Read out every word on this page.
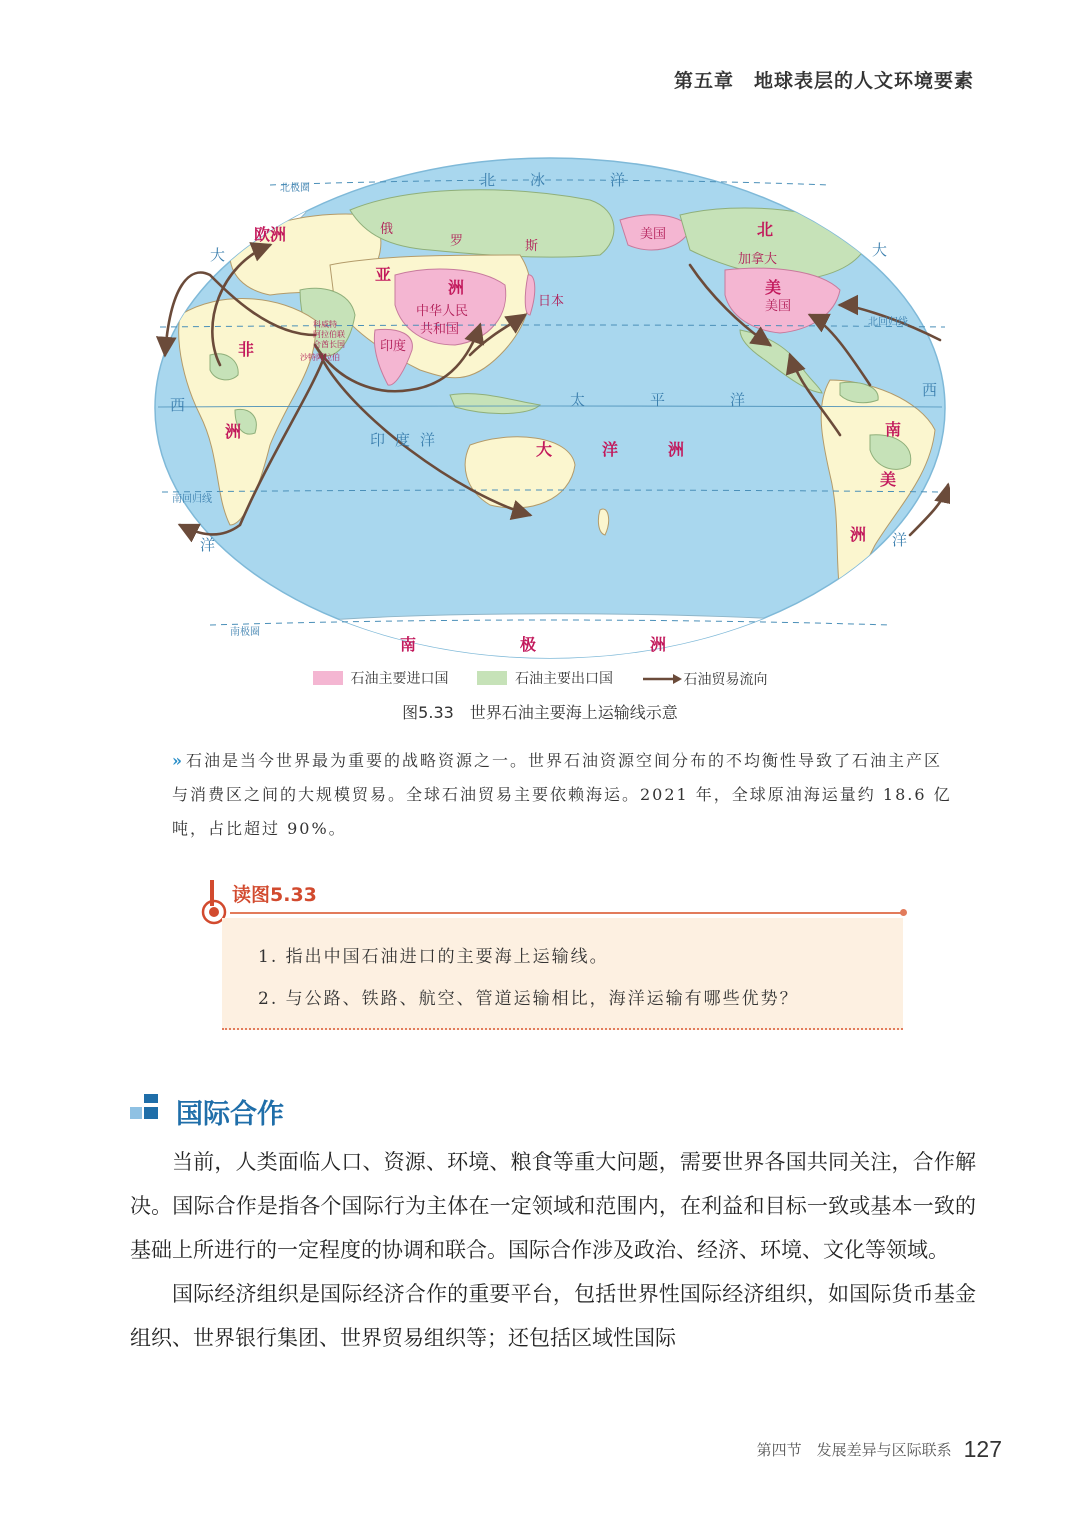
第五章　地球表层的人文环境要素
北 冰	洋
太	平	洋
印 度 洋
大
西
洋
大
西
洋
欧洲
亚
洲
非
洲
大	洋	洲
北
美
南
美
洲
南	极	洲
俄
罗	斯
中华人民
共和国
印度
日本
美国
加拿大
美国
科威特
阿拉伯联
合酋长国
沙特阿拉伯
北回归线
南回归线
南极圈
北极圈
石油主要进口国
	石油主要出口国
	石油贸易流向
图5.33　世界石油主要海上运输线示意
» 石油是当今世界最为重要的战略资源之一。世界石油资源空间分布的不均衡性导致了石油主产区与消费区之间的大规模贸易。全球石油贸易主要依赖海运。2021 年，全球原油海运量约 18.6 亿吨，占比超过 90%。
读图5.33
1. 指出中国石油进口的主要海上运输线。
2. 与公路、铁路、航空、管道运输相比，海洋运输有哪些优势？
国际合作

当前，人类面临人口、资源、环境、粮食等重大问题，需要世界各国共同关注，合作解决。国际合作是指各个国际行为主体在一定领域和范围内，在利益和目标一致或基本一致的基础上所进行的一定程度的协调和联合。国际合作涉及政治、经济、环境、文化等领域。

国际经济组织是国际经济合作的重要平台，包括世界性国际经济组织，如国际货币基金组织、世界银行集团、世界贸易组织等；还包括区域性国际

第四节　发展差异与区际联系 127
